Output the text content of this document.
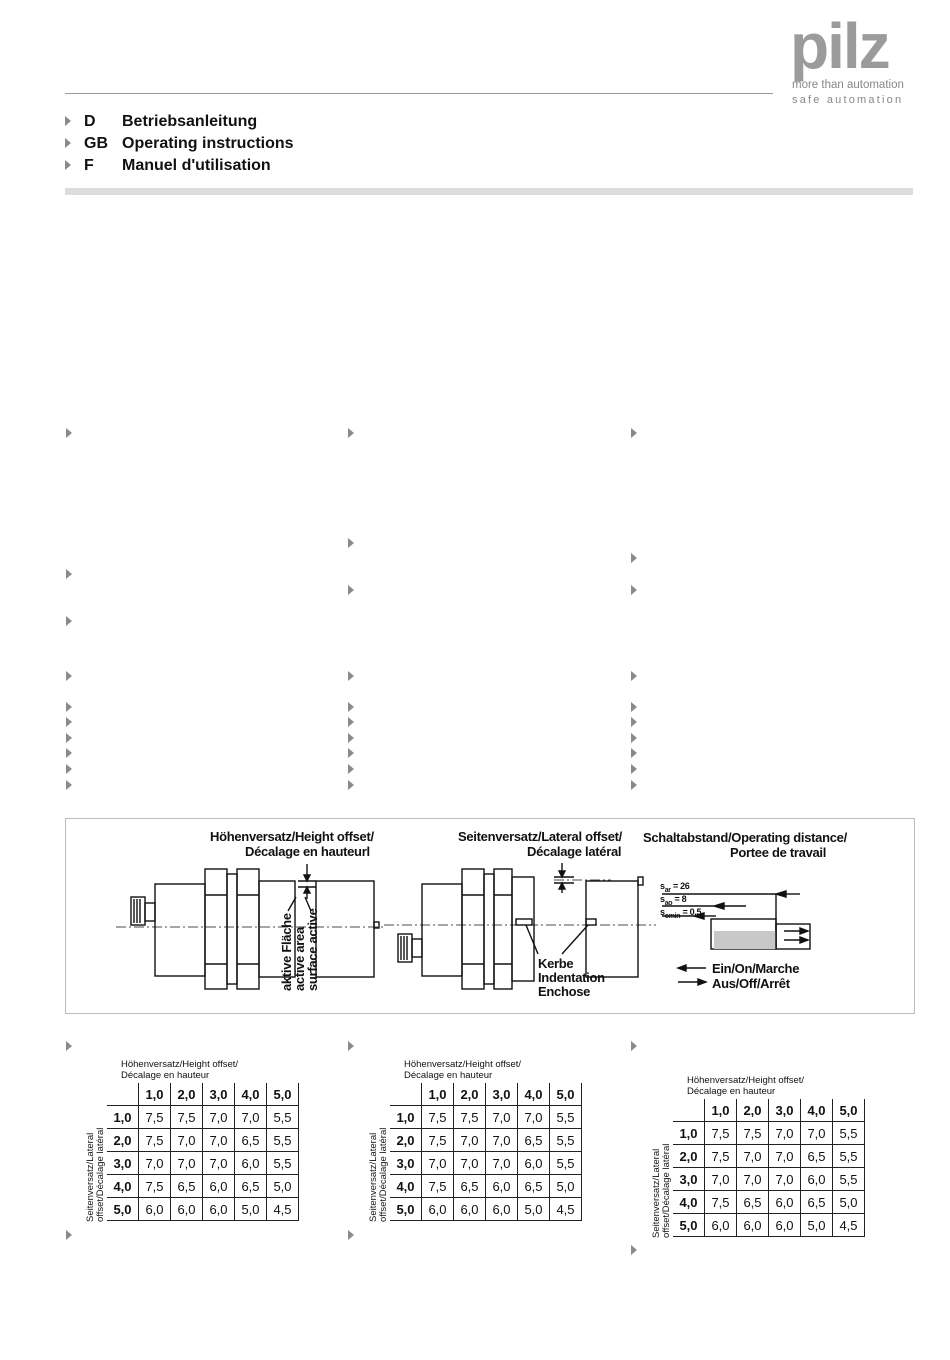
pilz
more than automation
safe automation
D Betriebsanleitung
GB Operating instructions
F Manuel d'utilisation
Höhenversatz/Height offset/
Décalage en hauteurl
aktive Fläche
active area
surface active
Seitenversatz/Lateral offset/
Décalage latéral
Kerbe
Indentation
Enchose
Schaltabstand/Operating distance/
Portee de travail
$s_{ar} = 26$
$s_{ao} = 8$
$s_{omin} = 0,5$
Ein/On/Marche
Aus/Off/Arrêt
Höhenversatz/Height offset/
Décalage en hauteur
	1,0	2,0	3,0	4,0	5,0
1,0	7,5	7,5	7,0	7,0	5,5
2,0	7,5	7,0	7,0	6,5	5,5
3,0	7,0	7,0	7,0	6,0	5,5
4,0	7,5	6,5	6,0	6,5	5,0
5,0	6,0	6,0	6,0	5,0	4,5
Seitenversatz/Lateral offset/Décalage latéral
Höhenversatz/Height offset/
Décalage en hauteur
	1,0	2,0	3,0	4,0	5,0
1,0	7,5	7,5	7,0	7,0	5,5
2,0	7,5	7,0	7,0	6,5	5,5
3,0	7,0	7,0	7,0	6,0	5,5
4,0	7,5	6,5	6,0	6,5	5,0
5,0	6,0	6,0	6,0	5,0	4,5
Seitenversatz/Lateral offset/Décalage latéral
Höhenversatz/Height offset/
Décalage en hauteur
	1,0	2,0	3,0	4,0	5,0
1,0	7,5	7,5	7,0	7,0	5,5
2,0	7,5	7,0	7,0	6,5	5,5
3,0	7,0	7,0	7,0	6,0	5,5
4,0	7,5	6,5	6,0	6,5	5,0
5,0	6,0	6,0	6,0	5,0	4,5
Seitenversatz/Lateral offset/Décalage latéral
